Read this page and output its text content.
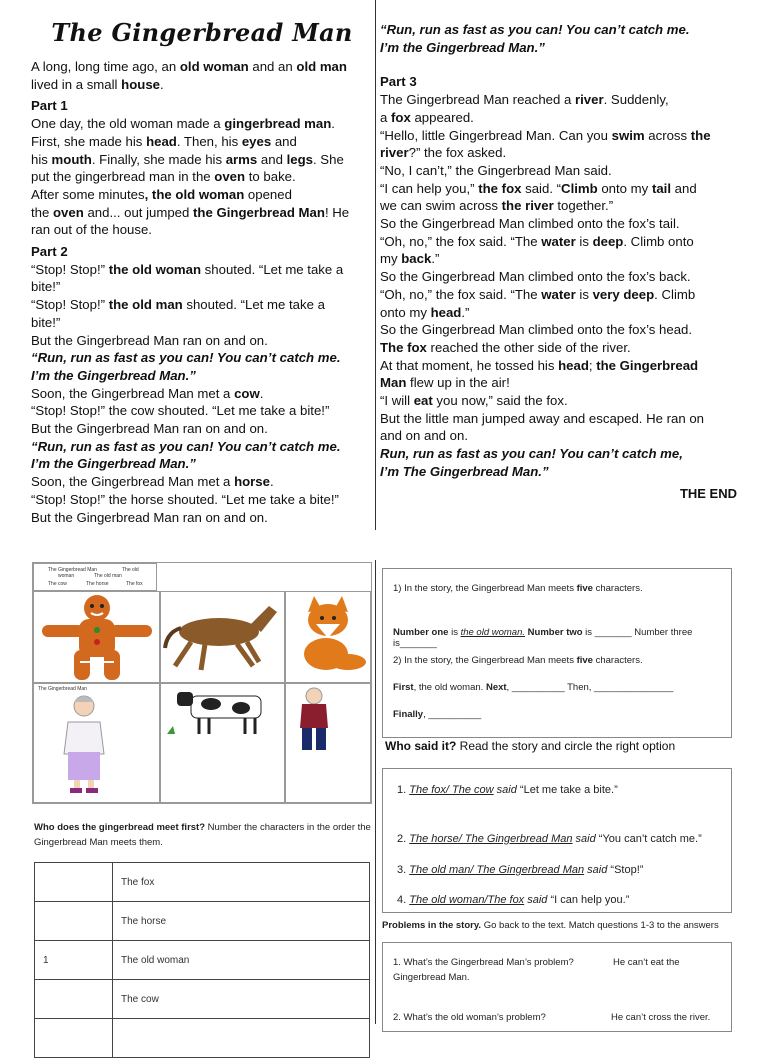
The Gingerbread Man

A long, long time ago, an old woman and an old man lived in a small house.

Part 1

One day, the old woman made a gingerbread man.

First, she made his head. Then, his eyes and

his mouth. Finally, she made his arms and legs. She

put the gingerbread man in the oven to bake.

After some minutes, the old woman opened

the oven and... out jumped the Gingerbread Man! He

ran out of the house.

Part 2

“Stop! Stop!” the old woman shouted. “Let me take a

bite!”

“Stop! Stop!” the old man shouted. “Let me take a

bite!”

But the Gingerbread Man ran on and on.

“Run, run as fast as you can! You can’t catch me.

I’m the Gingerbread Man.”

Soon, the Gingerbread Man met a cow.

“Stop! Stop!” the cow shouted. “Let me take a bite!”

But the Gingerbread Man ran on and on.

“Run, run as fast as you can! You can’t catch me.

I’m the Gingerbread Man.”

Soon, the Gingerbread Man met a horse.

“Stop! Stop!” the horse shouted. “Let me take a bite!”

But the Gingerbread Man ran on and on.

“Run, run as fast as you can! You can’t catch me.

I’m the Gingerbread Man.”

Part 3

The Gingerbread Man reached a river. Suddenly,

a fox appeared.

“Hello, little Gingerbread Man. Can you swim across the

river?” the fox asked.

“No, I can’t,” the Gingerbread Man said.

“I can help you,” the fox said. “Climb onto my tail and

we can swim across the river together.”

So the Gingerbread Man climbed onto the fox’s tail.

“Oh, no,” the fox said. “The water is deep. Climb onto

my back.”

So the Gingerbread Man climbed onto the fox’s back.

“Oh, no,” the fox said. “The water is very deep. Climb

onto my head.”

So the Gingerbread Man climbed onto the fox’s head.

The fox reached the other side of the river.

At that moment, he tossed his head; the Gingerbread

Man flew up in the air!

“I will eat you now,” said the fox.

But the little man jumped away and escaped. He ran on

and on and on.

Run, run as fast as you can! You can’t catch me,

I’m The Gingerbread Man.”

THE END
The Gingerbread Man	The old
woman	The old man
The cow	The horse	The fox
The Gingerbread Man
Who does the gingerbread meet first? Number the characters in the order the Gingerbread Man meets them.
	The fox
	The horse
1	The old woman
	The cow

1) In the story, the Gingerbread Man meets five characters.
Number one is the old woman. Number two is _______ Number three is_______
2) In the story, the Gingerbread Man meets five characters.
First, the old woman. Next, __________ Then, _______________
Finally, __________
Who said it? Read the story and circle the right option
1. The fox/ The cow said “Let me take a bite.”
2. The horse/ The Gingerbread Man said “You can’t catch me.”
3. The old man/ The Gingerbread Man said “Stop!”
4. The old woman/The fox said “I can help you.”
Problems in the story. Go back to the text. Match questions 1-3 to the answers
1. What’s the Gingerbread Man’s problem?	He can’t eat the
Gingerbread Man.
2. What’s the old woman’s problem?	He can’t cross the river.
